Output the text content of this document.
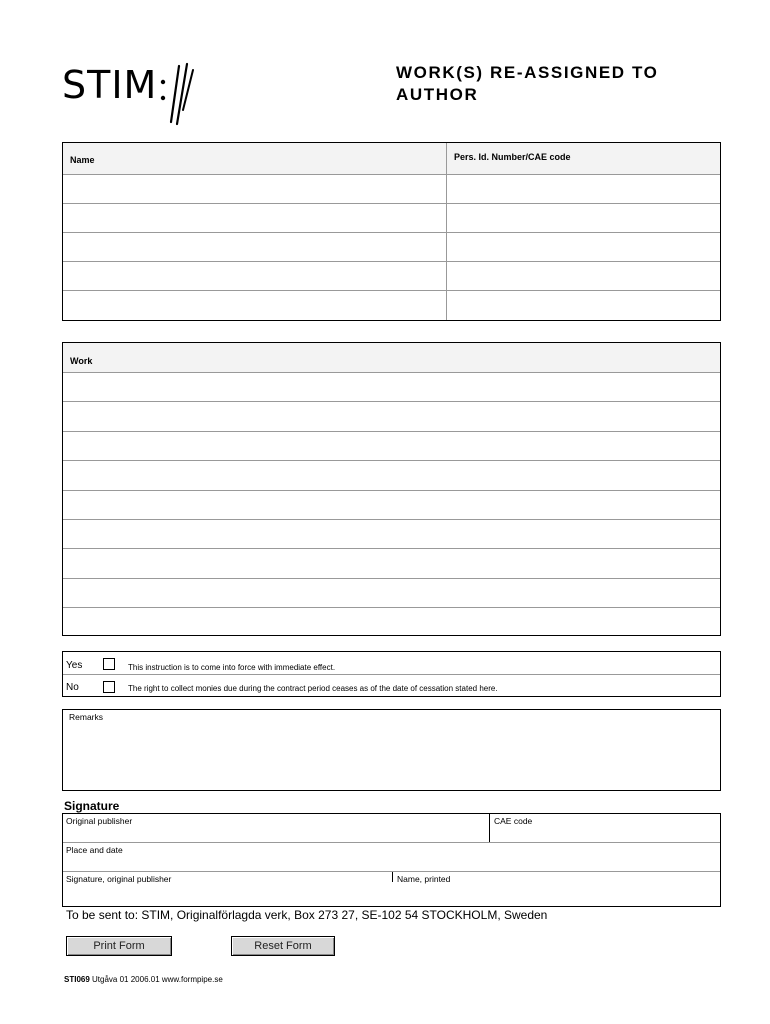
STIM	WORK(S) RE-ASSIGNED TO
AUTHOR
Name	Pers. Id. Number/CAE code
Work
Yes	This instruction is to come into force with immediate effect.
No	The right to collect monies due during the contract period ceases as of the date of cessation stated here.
Remarks
Signature
Original publisher	CAE code
Place and date
Signature, original publisher	Name, printed
To be sent to: STIM, Originalförlagda verk, Box 273 27, SE-102 54 STOCKHOLM, Sweden
Print Form	Reset Form
STI069 Utgåva 01 2006.01 www.formpipe.se
